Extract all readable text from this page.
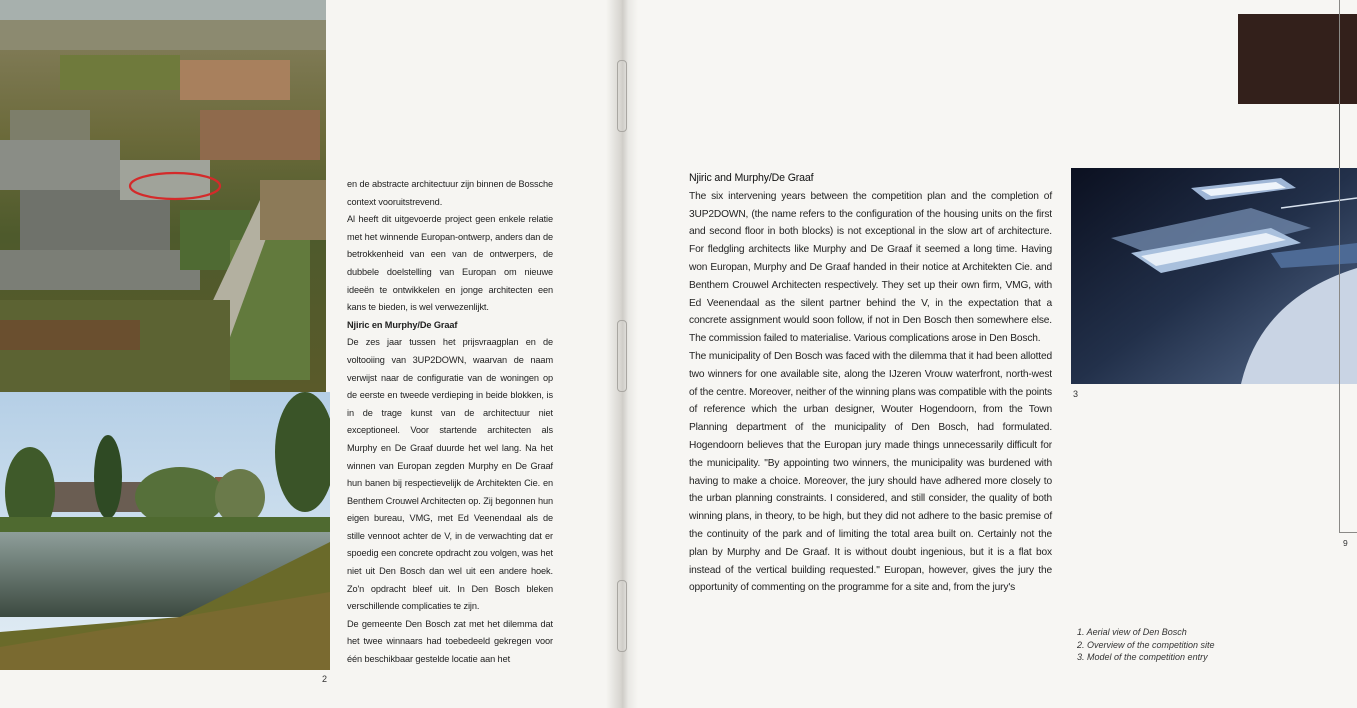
en de abstracte architectuur zijn binnen de Bossche context vooruitstrevend.

Al heeft dit uitgevoerde project geen enkele relatie met het winnende Europan-ontwerp, anders dan de betrokkenheid van een van de ontwerpers, de dubbele doelstelling van Europan om nieuwe ideeën te ontwikkelen en jonge architecten een kans te bieden, is wel verwezenlijkt.

Njiric en Murphy/De Graaf

De zes jaar tussen het prijsvraagplan en de voltooiing van 3UP2DOWN, waarvan de naam verwijst naar de configuratie van de woningen op de eerste en tweede verdieping in beide blokken, is in de trage kunst van de architectuur niet exceptioneel. Voor startende architecten als Murphy en De Graaf duurde het wel lang. Na het winnen van Europan zegden Murphy en De Graaf hun banen bij respectievelijk de Architekten Cie. en Benthem Crouwel Architecten op. Zij begonnen hun eigen bureau, VMG, met Ed Veenendaal als de stille vennoot achter de V, in de verwachting dat er spoedig een concrete opdracht zou volgen, was het niet uit Den Bosch dan wel uit een andere hoek. Zo'n opdracht bleef uit. In Den Bosch bleken verschillende complicaties te zijn.

De gemeente Den Bosch zat met het dilemma dat het twee winnaars had toebedeeld gekregen voor één beschikbaar gestelde locatie aan het

2

Njiric and Murphy/De Graaf

The six intervening years between the competition plan and the completion of 3UP2DOWN, (the name refers to the configuration of the housing units on the first and second floor in both blocks) is not exceptional in the slow art of architecture. For fledgling architects like Murphy and De Graaf it seemed a long time. Having won Europan, Murphy and De Graaf handed in their notice at Architekten Cie. and Benthem Crouwel Architecten respectively. They set up their own firm, VMG, with Ed Veenendaal as the silent partner behind the V, in the expectation that a concrete assignment would soon follow, if not in Den Bosch then somewhere else. The commission failed to materialise. Various complications arose in Den Bosch.

The municipality of Den Bosch was faced with the dilemma that it had been allotted two winners for one available site, along the IJzeren Vrouw waterfront, north-west of the centre. Moreover, neither of the winning plans was compatible with the points of reference which the urban designer, Wouter Hogendoorn, from the Town Planning department of the municipality of Den Bosch, had formulated. Hogendoorn believes that the Europan jury made things unnecessarily difficult for the municipality. "By appointing two winners, the municipality was burdened with having to make a choice. Moreover, the jury should have adhered more closely to the urban planning constraints. I considered, and still consider, the quality of both winning plans, in theory, to be high, but they did not adhere to the basic premise of the continuity of the park and of limiting the total area built on. Certainly not the plan by Murphy and De Graaf. It is without doubt ingenious, but it is a flat box instead of the vertical building requested." Europan, however, gives the jury the opportunity of commenting on the programme for a site and, from the jury's

3
9
1. Aerial view of Den Bosch
2. Overview of the competition site
3. Model of the competition entry
